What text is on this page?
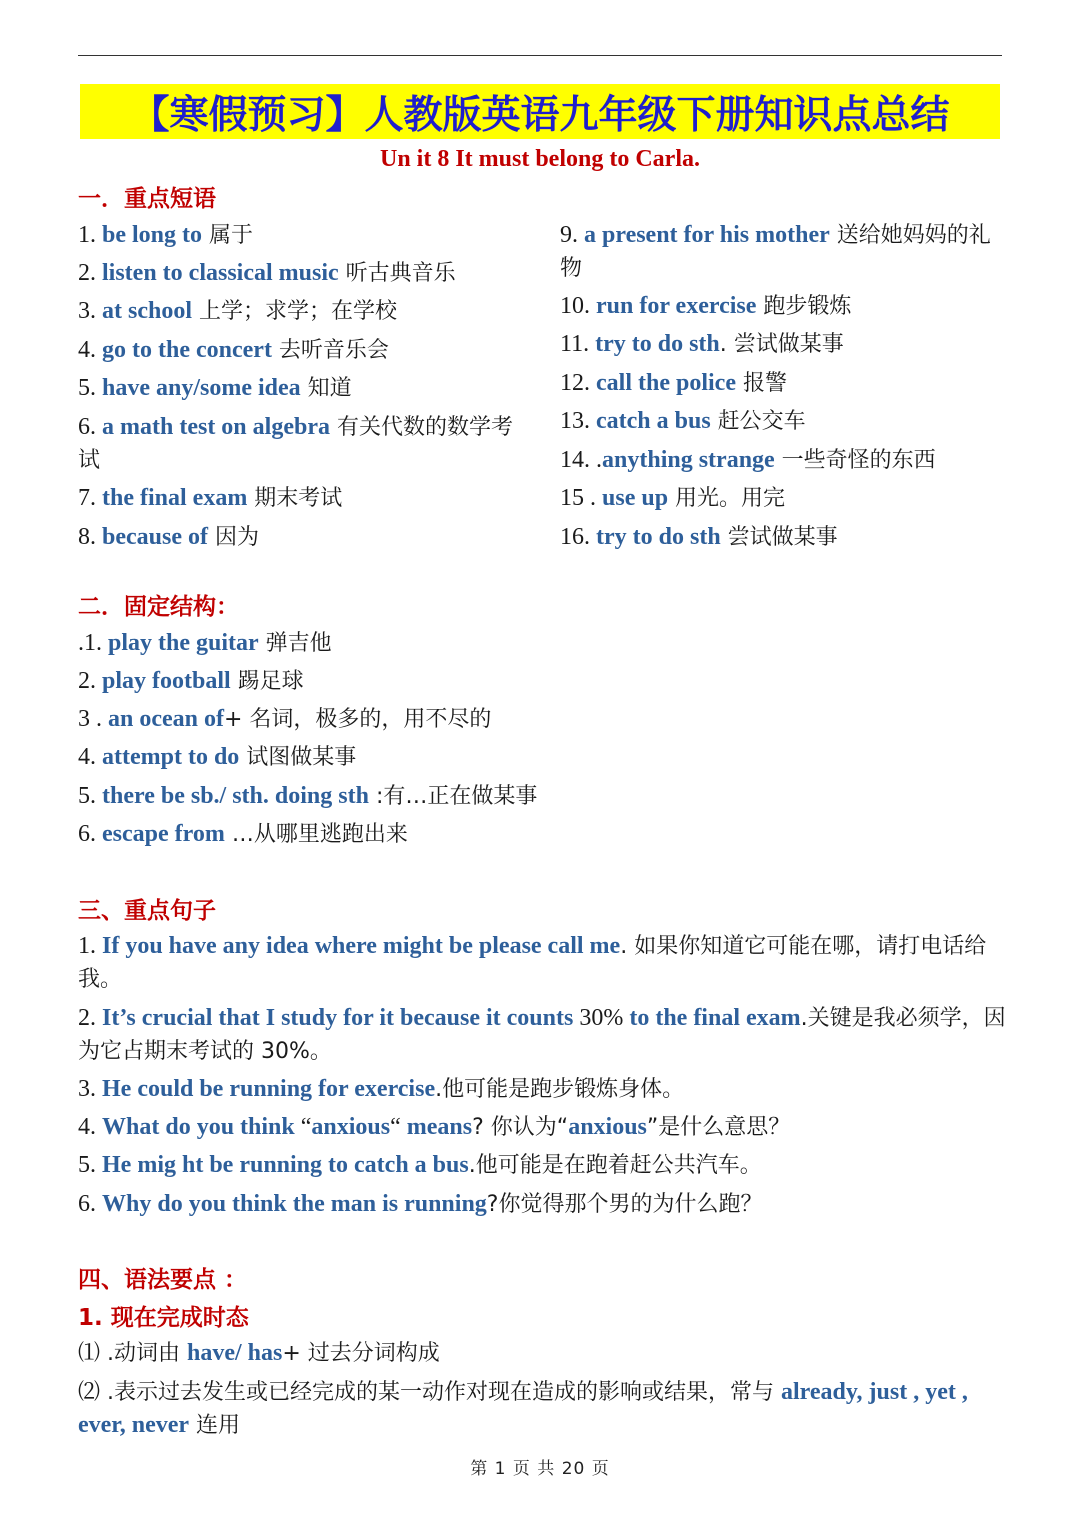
【寒假预习】人教版英语九年级下册知识点总结
Un it 8 It must belong to Carla.
一．重点短语
1. be long to 属于
2. listen to classical music 听古典音乐
3. at school 上学；求学；在学校
4. go to the concert 去听音乐会
5. have any/some idea 知道
6. a math test on algebra 有关代数的数学考试
7. the final exam 期末考试
8. because of 因为
9. a present for his mother 送给她妈妈的礼物
10. run for exercise 跑步锻炼
11. try to do sth. 尝试做某事
12. call the police 报警
13. catch a bus 赶公交车
14. .anything strange 一些奇怪的东西
15 . use up 用光。用完
16. try to do sth 尝试做某事
二．固定结构：
.1. play the guitar 弹吉他
2. play football 踢足球
3 . an ocean of+ 名词，极多的，用不尽的
4. attempt to do 试图做某事
5. there be sb./ sth. doing sth :有…正在做某事
6. escape from …从哪里逃跑出来
三、重点句子
1. If you have any idea where might be please call me. 如果你知道它可能在哪，请打电话给我。
2. It’s crucial that I study for it because it counts 30% to the final exam.关键是我必须学，因为它占期末考试的 30%。
3. He could be running for exercise.他可能是跑步锻炼身体。
4. What do you think “anxious“ means? 你认为“anxious”是什么意思？
5. He mig ht be running to catch a bus.他可能是在跑着赶公共汽车。
6. Why do you think the man is running?你觉得那个男的为什么跑？
四、语法要点 ：
1. 现在完成时态
⑴ .动词由 have/ has+ 过去分词构成
⑵ .表示过去发生或已经完成的某一动作对现在造成的影响或结果，常与 already, just , yet , ever, never 连用
第 1 页 共 20 页
